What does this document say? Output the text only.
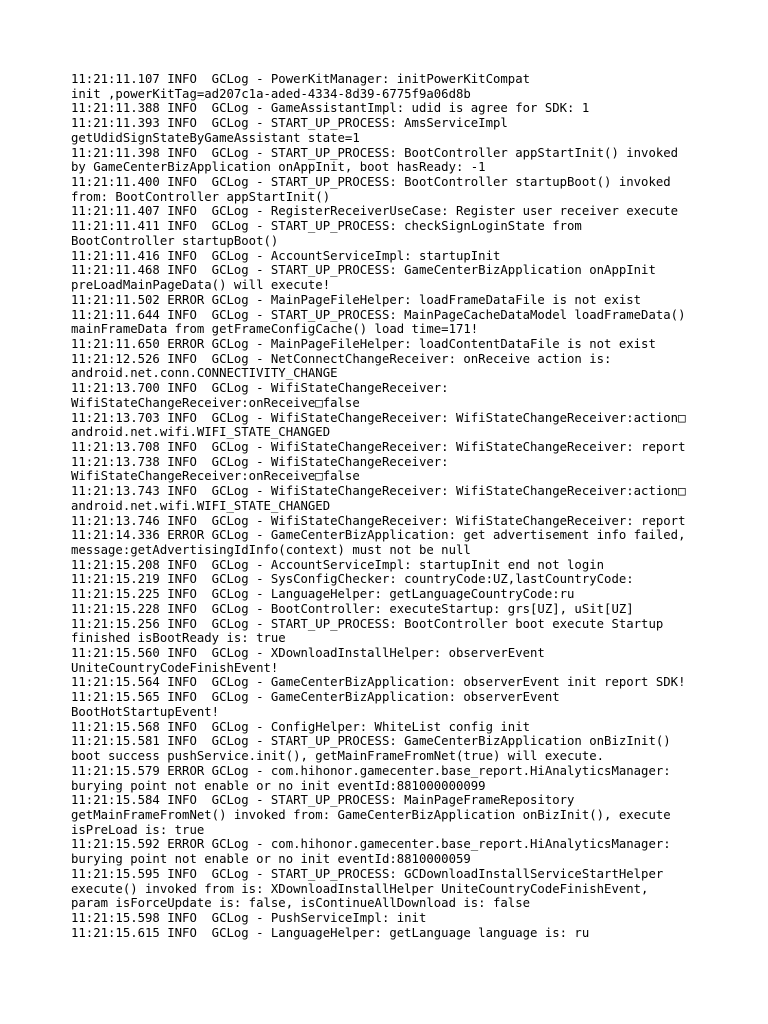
11:21:11.107 INFO  GCLog - PowerKitManager: initPowerKitCompat
init ,powerKitTag=ad207c1a-aded-4334-8d39-6775f9a06d8b
11:21:11.388 INFO  GCLog - GameAssistantImpl: udid is agree for SDK: 1
11:21:11.393 INFO  GCLog - START_UP_PROCESS: AmsServiceImpl
getUdidSignStateByGameAssistant state=1
11:21:11.398 INFO  GCLog - START_UP_PROCESS: BootController appStartInit() invoked
by GameCenterBizApplication onAppInit, boot hasReady: -1
11:21:11.400 INFO  GCLog - START_UP_PROCESS: BootController startupBoot() invoked
from: BootController appStartInit()
11:21:11.407 INFO  GCLog - RegisterReceiverUseCase: Register user receiver execute
11:21:11.411 INFO  GCLog - START_UP_PROCESS: checkSignLoginState from
BootController startupBoot()
11:21:11.416 INFO  GCLog - AccountServiceImpl: startupInit
11:21:11.468 INFO  GCLog - START_UP_PROCESS: GameCenterBizApplication onAppInit
preLoadMainPageData() will execute!
11:21:11.502 ERROR GCLog - MainPageFileHelper: loadFrameDataFile is not exist
11:21:11.644 INFO  GCLog - START_UP_PROCESS: MainPageCacheDataModel loadFrameData()
mainFrameData from getFrameConfigCache() load time=171!
11:21:11.650 ERROR GCLog - MainPageFileHelper: loadContentDataFile is not exist
11:21:12.526 INFO  GCLog - NetConnectChangeReceiver: onReceive action is:
android.net.conn.CONNECTIVITY_CHANGE
11:21:13.700 INFO  GCLog - WifiStateChangeReceiver:
WifiStateChangeReceiver:onReceive□false
11:21:13.703 INFO  GCLog - WifiStateChangeReceiver: WifiStateChangeReceiver:action□
android.net.wifi.WIFI_STATE_CHANGED
11:21:13.708 INFO  GCLog - WifiStateChangeReceiver: WifiStateChangeReceiver: report
11:21:13.738 INFO  GCLog - WifiStateChangeReceiver:
WifiStateChangeReceiver:onReceive□false
11:21:13.743 INFO  GCLog - WifiStateChangeReceiver: WifiStateChangeReceiver:action□
android.net.wifi.WIFI_STATE_CHANGED
11:21:13.746 INFO  GCLog - WifiStateChangeReceiver: WifiStateChangeReceiver: report
11:21:14.336 ERROR GCLog - GameCenterBizApplication: get advertisement info failed,
message:getAdvertisingIdInfo(context) must not be null
11:21:15.208 INFO  GCLog - AccountServiceImpl: startupInit end not login
11:21:15.219 INFO  GCLog - SysConfigChecker: countryCode:UZ,lastCountryCode:
11:21:15.225 INFO  GCLog - LanguageHelper: getLanguageCountryCode:ru
11:21:15.228 INFO  GCLog - BootController: executeStartup: grs[UZ], uSit[UZ]
11:21:15.256 INFO  GCLog - START_UP_PROCESS: BootController boot execute Startup
finished isBootReady is: true
11:21:15.560 INFO  GCLog - XDownloadInstallHelper: observerEvent
UniteCountryCodeFinishEvent!
11:21:15.564 INFO  GCLog - GameCenterBizApplication: observerEvent init report SDK!
11:21:15.565 INFO  GCLog - GameCenterBizApplication: observerEvent
BootHotStartupEvent!
11:21:15.568 INFO  GCLog - ConfigHelper: WhiteList config init
11:21:15.581 INFO  GCLog - START_UP_PROCESS: GameCenterBizApplication onBizInit()
boot success pushService.init(), getMainFrameFromNet(true) will execute.
11:21:15.579 ERROR GCLog - com.hihonor.gamecenter.base_report.HiAnalyticsManager:
burying point not enable or no init eventId:881000000099
11:21:15.584 INFO  GCLog - START_UP_PROCESS: MainPageFrameRepository
getMainFrameFromNet() invoked from: GameCenterBizApplication onBizInit(), execute
isPreLoad is: true
11:21:15.592 ERROR GCLog - com.hihonor.gamecenter.base_report.HiAnalyticsManager:
burying point not enable or no init eventId:8810000059
11:21:15.595 INFO  GCLog - START_UP_PROCESS: GCDownloadInstallServiceStartHelper
execute() invoked from is: XDownloadInstallHelper UniteCountryCodeFinishEvent,
param isForceUpdate is: false, isContinueAllDownload is: false
11:21:15.598 INFO  GCLog - PushServiceImpl: init
11:21:15.615 INFO  GCLog - LanguageHelper: getLanguage language is: ru
